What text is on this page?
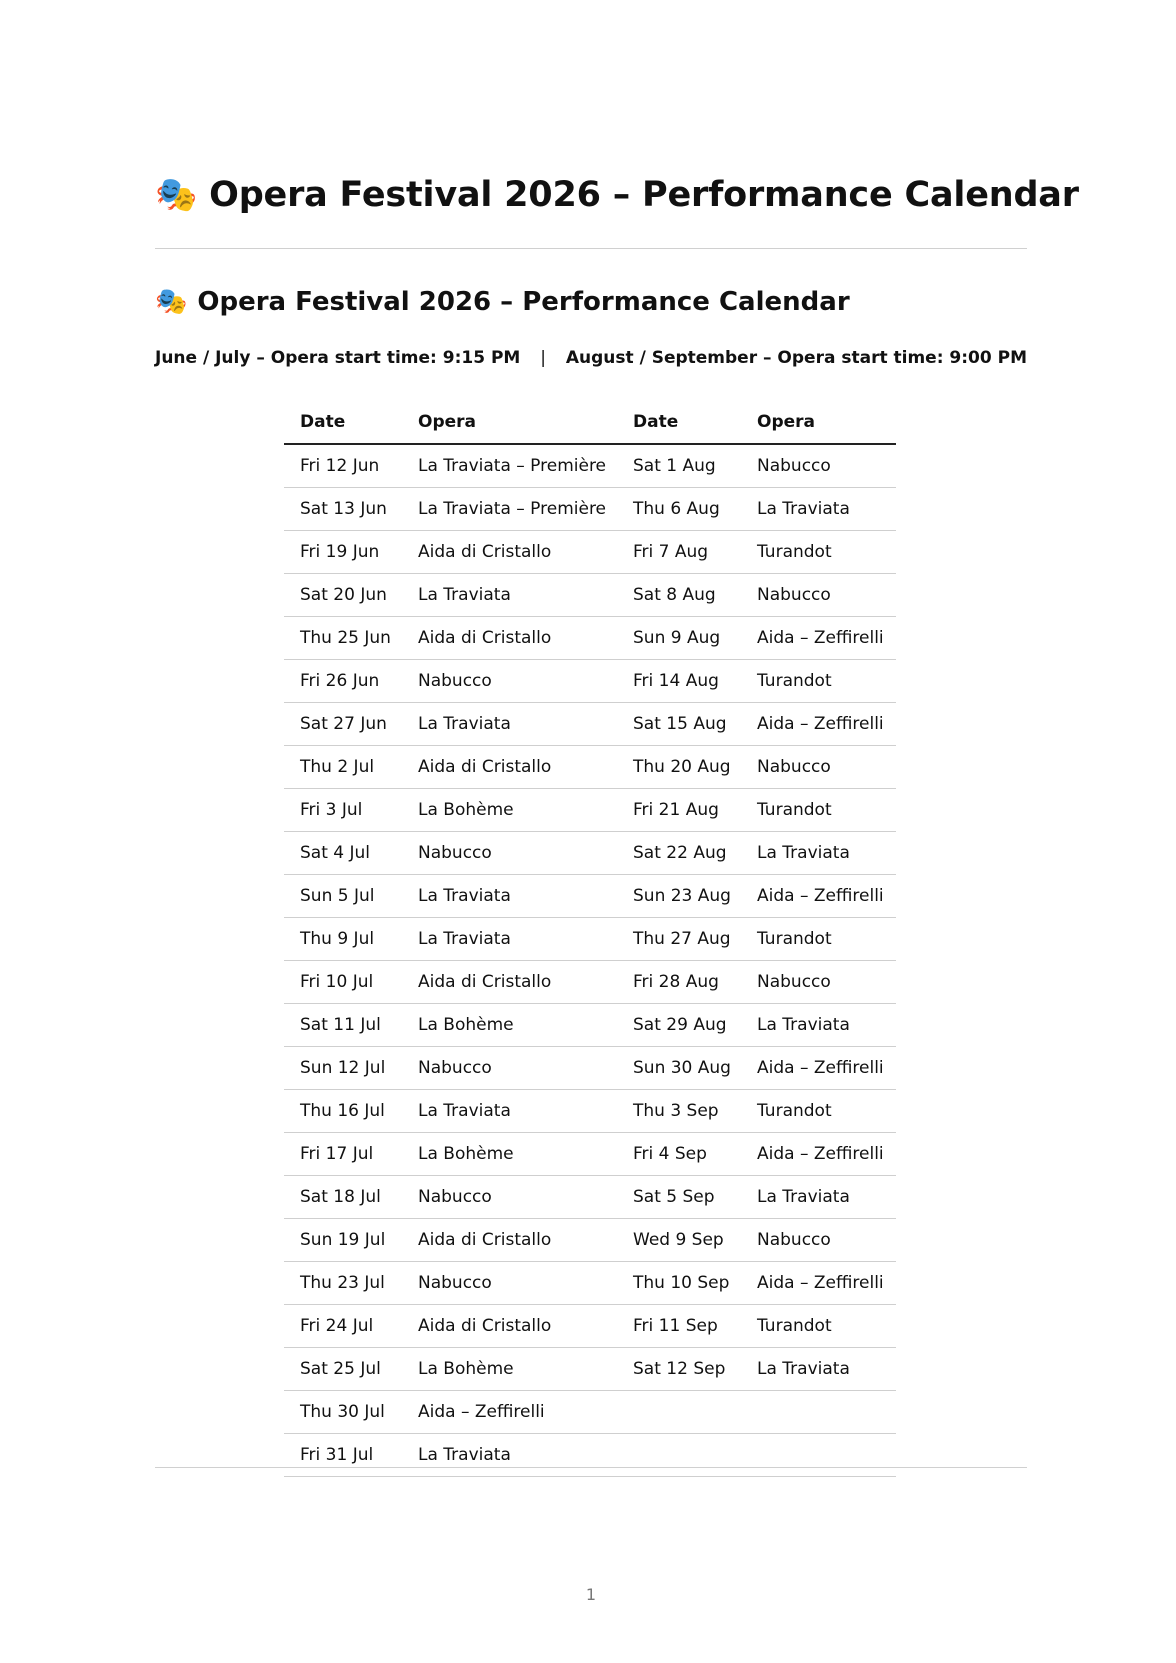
🎭 Opera Festival 2026 – Performance Calendar
🎭 Opera Festival 2026 – Performance Calendar
June / July – Opera start time: 9:15 PM	|	August / September – Opera start time: 9:00 PM
Date	Opera	Date	Opera
Fri 12 Jun	La Traviata – Première	Sat 1 Aug	Nabucco
Sat 13 Jun	La Traviata – Première	Thu 6 Aug	La Traviata
Fri 19 Jun	Aida di Cristallo	Fri 7 Aug	Turandot
Sat 20 Jun	La Traviata	Sat 8 Aug	Nabucco
Thu 25 Jun	Aida di Cristallo	Sun 9 Aug	Aida – Zeffirelli
Fri 26 Jun	Nabucco	Fri 14 Aug	Turandot
Sat 27 Jun	La Traviata	Sat 15 Aug	Aida – Zeffirelli
Thu 2 Jul	Aida di Cristallo	Thu 20 Aug	Nabucco
Fri 3 Jul	La Bohème	Fri 21 Aug	Turandot
Sat 4 Jul	Nabucco	Sat 22 Aug	La Traviata
Sun 5 Jul	La Traviata	Sun 23 Aug	Aida – Zeffirelli
Thu 9 Jul	La Traviata	Thu 27 Aug	Turandot
Fri 10 Jul	Aida di Cristallo	Fri 28 Aug	Nabucco
Sat 11 Jul	La Bohème	Sat 29 Aug	La Traviata
Sun 12 Jul	Nabucco	Sun 30 Aug	Aida – Zeffirelli
Thu 16 Jul	La Traviata	Thu 3 Sep	Turandot
Fri 17 Jul	La Bohème	Fri 4 Sep	Aida – Zeffirelli
Sat 18 Jul	Nabucco	Sat 5 Sep	La Traviata
Sun 19 Jul	Aida di Cristallo	Wed 9 Sep	Nabucco
Thu 23 Jul	Nabucco	Thu 10 Sep	Aida – Zeffirelli
Fri 24 Jul	Aida di Cristallo	Fri 11 Sep	Turandot
Sat 25 Jul	La Bohème	Sat 12 Sep	La Traviata
Thu 30 Jul	Aida – Zeffirelli		
Fri 31 Jul	La Traviata		
1
